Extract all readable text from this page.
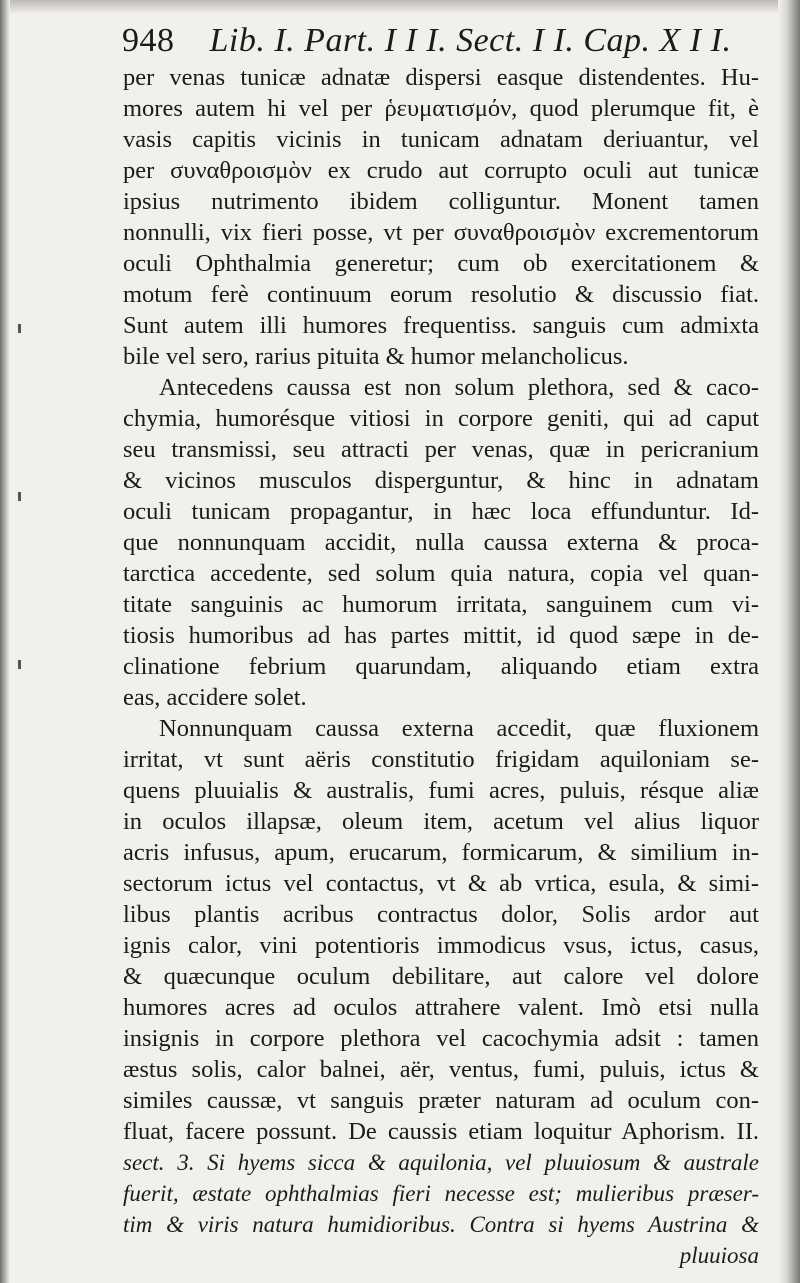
948 Lib. I. Part. I I I. Sect. I I. Cap. X I I.
per venas tunicæ adnatæ dispersi easque distendentes. Hu-
mores autem hi vel per ῥευματισμόν, quod plerumque fit, è
vasis capitis vicinis in tunicam adnatam deriuantur, vel
per συναθροισμὸν ex crudo aut corrupto oculi aut tunicæ
ipsius nutrimento ibidem colliguntur. Monent tamen
nonnulli, vix fieri posse, vt per συναθροισμὸν excrementorum
oculi Ophthalmia generetur; cum ob exercitationem &
motum ferè continuum eorum resolutio & discussio fiat.
Sunt autem illi humores frequentiss. sanguis cum admixta
bile vel sero, rarius pituita & humor melancholicus.
Antecedens caussa est non solum plethora, sed & caco-
chymia, humorésque vitiosi in corpore geniti, qui ad caput
seu transmissi, seu attracti per venas, quæ in pericranium
& vicinos musculos disperguntur, & hinc in adnatam
oculi tunicam propagantur, in hæc loca effunduntur. Id-
que nonnunquam accidit, nulla caussa externa & proca-
tarctica accedente, sed solum quia natura, copia vel quan-
titate sanguinis ac humorum irritata, sanguinem cum vi-
tiosis humoribus ad has partes mittit, id quod sæpe in de-
clinatione febrium quarundam, aliquando etiam extra
eas, accidere solet.
Nonnunquam caussa externa accedit, quæ fluxionem
irritat, vt sunt aëris constitutio frigidam aquiloniam se-
quens pluuialis & australis, fumi acres, puluis, résque aliæ
in oculos illapsæ, oleum item, acetum vel alius liquor
acris infusus, apum, erucarum, formicarum, & similium in-
sectorum ictus vel contactus, vt & ab vrtica, esula, & simi-
libus plantis acribus contractus dolor, Solis ardor aut
ignis calor, vini potentioris immodicus vsus, ictus, casus,
& quæcunque oculum debilitare, aut calore vel dolore
humores acres ad oculos attrahere valent. Imò etsi nulla
insignis in corpore plethora vel cacochymia adsit : tamen
æstus solis, calor balnei, aër, ventus, fumi, puluis, ictus &
similes caussæ, vt sanguis præter naturam ad oculum con-
fluat, facere possunt. De caussis etiam loquitur Aphorism. II.
sect. 3. Si hyems sicca & aquilonia, vel pluuiosum & australe
fuerit, æstate ophthalmias fieri necesse est; mulieribus præser-
tim & viris natura humidioribus. Contra si hyems Austrina &
pluuiosa
